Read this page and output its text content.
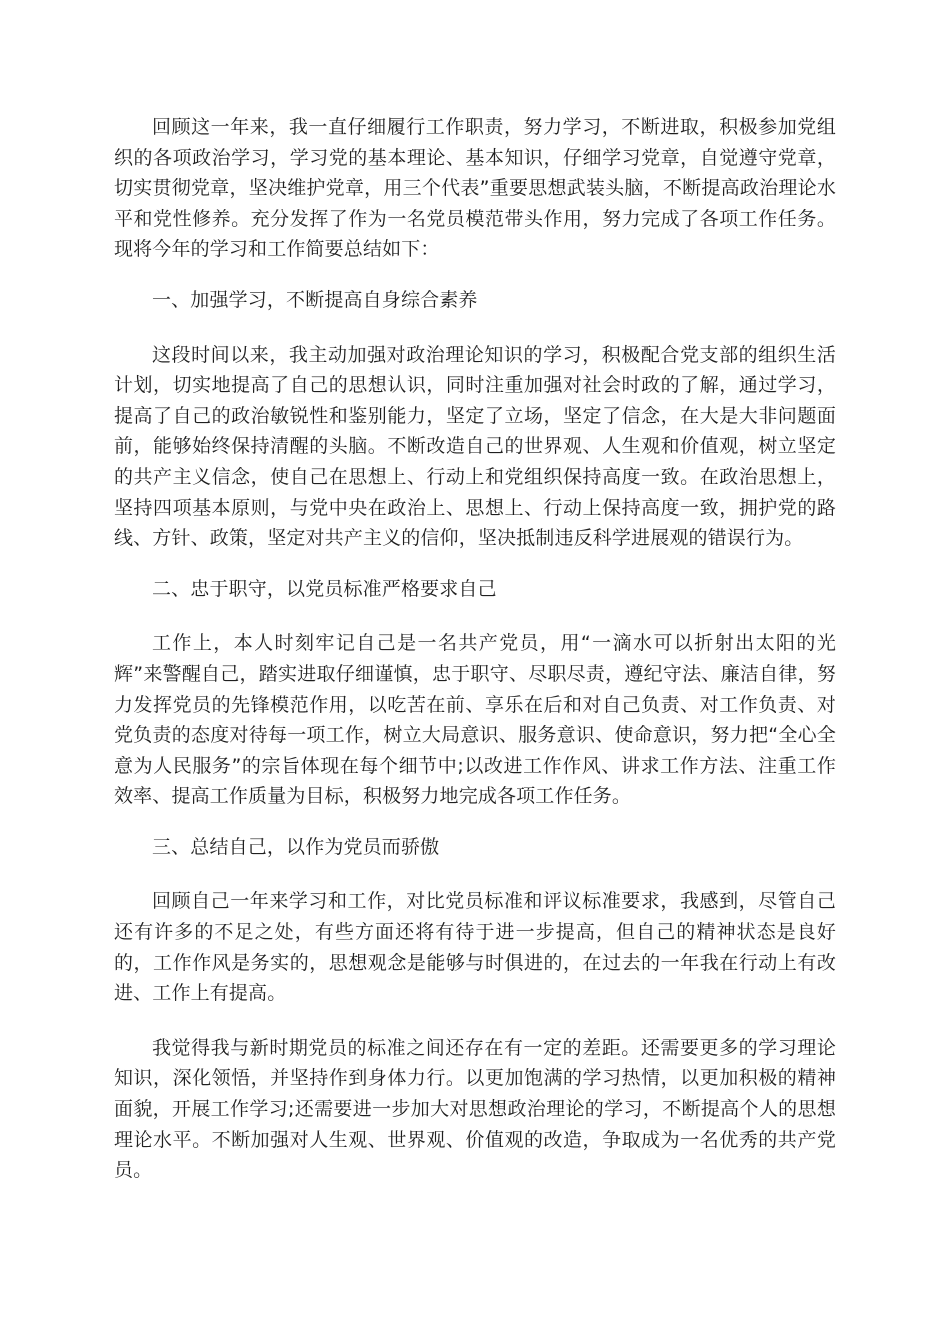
回顾这一年来，我一直仔细履行工作职责，努力学习，不断进取，积极参加党组织的各项政治学习，学习党的基本理论、基本知识，仔细学习党章，自觉遵守党章，切实贯彻党章，坚决维护党章，用三个代表”重要思想武装头脑，不断提高政治理论水平和党性修养。充分发挥了作为一名党员模范带头作用，努力完成了各项工作任务。现将今年的学习和工作简要总结如下：

一、加强学习，不断提高自身综合素养

这段时间以来，我主动加强对政治理论知识的学习，积极配合党支部的组织生活计划，切实地提高了自己的思想认识，同时注重加强对社会时政的了解，通过学习，提高了自己的政治敏锐性和鉴别能力，坚定了立场，坚定了信念，在大是大非问题面前，能够始终保持清醒的头脑。不断改造自己的世界观、人生观和价值观，树立坚定的共产主义信念，使自己在思想上、行动上和党组织保持高度一致。在政治思想上，坚持四项基本原则，与党中央在政治上、思想上、行动上保持高度一致，拥护党的路线、方针、政策，坚定对共产主义的信仰，坚决抵制违反科学进展观的错误行为。

二、忠于职守，以党员标准严格要求自己

工作上，本人时刻牢记自己是一名共产党员，用“一滴水可以折射出太阳的光辉”来警醒自己，踏实进取仔细谨慎，忠于职守、尽职尽责，遵纪守法、廉洁自律，努力发挥党员的先锋模范作用，以吃苦在前、享乐在后和对自己负责、对工作负责、对党负责的态度对待每一项工作，树立大局意识、服务意识、使命意识，努力把“全心全意为人民服务”的宗旨体现在每个细节中;以改进工作作风、讲求工作方法、注重工作效率、提高工作质量为目标，积极努力地完成各项工作任务。

三、总结自己，以作为党员而骄傲

回顾自己一年来学习和工作，对比党员标准和评议标准要求，我感到，尽管自己还有许多的不足之处，有些方面还将有待于进一步提高，但自己的精神状态是良好的，工作作风是务实的，思想观念是能够与时俱进的，在过去的一年我在行动上有改进、工作上有提高。

我觉得我与新时期党员的标准之间还存在有一定的差距。还需要更多的学习理论知识，深化领悟，并坚持作到身体力行。以更加饱满的学习热情，以更加积极的精神面貌，开展工作学习;还需要进一步加大对思想政治理论的学习，不断提高个人的思想理论水平。不断加强对人生观、世界观、价值观的改造，争取成为一名优秀的共产党员。
